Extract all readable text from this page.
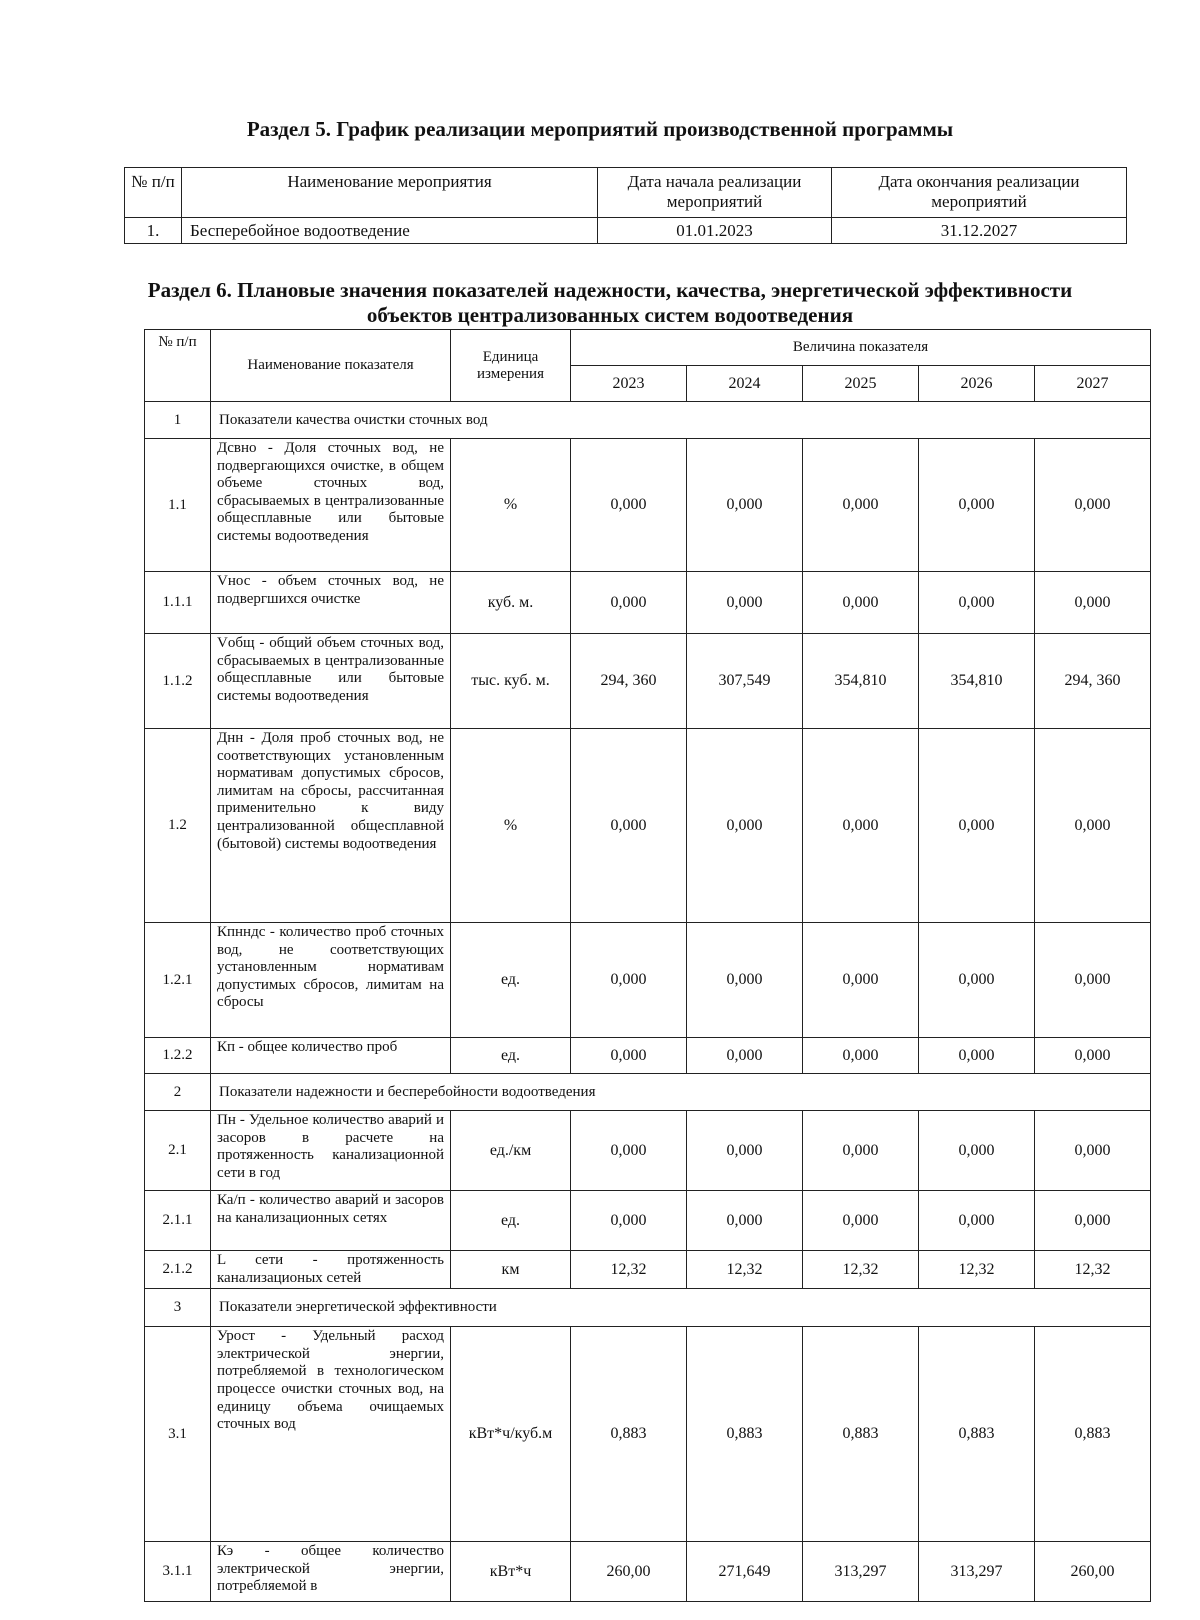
Раздел 5. График реализации мероприятий производственной программы
№ п/п	Наименование мероприятия	Дата начала реализации мероприятий	Дата окончания реализации мероприятий
1.	Бесперебойное водоотведение	01.01.2023	31.12.2027
Раздел 6. Плановые значения показателей надежности, качества, энергетической эффективности объектов централизованных систем водоотведения
№ п/п	Наименование показателя	Единица измерения	Величина показателя				
			2023	2024	2025	2026	2027
1	Показатели качества очистки сточных вод						
1.1	Дсвно - Доля сточных вод, не подвергающихся очистке, в общем объеме сточных вод, сбрасываемых в централизованные общесплавные или бытовые системы водоотведения	%	0,000	0,000	0,000	0,000	0,000
1.1.1	Vнос - объем сточных вод, не подвергшихся очистке	куб. м.	0,000	0,000	0,000	0,000	0,000
1.1.2	Vобщ - общий объем сточных вод, сбрасываемых в централизованные общесплавные или бытовые системы водоотведения	тыс. куб. м.	294, 360	307,549	354,810	354,810	294, 360
1.2	Днн - Доля проб сточных вод, не соответствующих установленным нормативам допустимых сбросов, лимитам на сбросы, рассчитанная применительно к виду централизованной общесплавной (бытовой) системы водоотведения	%	0,000	0,000	0,000	0,000	0,000
1.2.1	Кпнндс - количество проб сточных вод, не соответствующих установленным нормативам допустимых сбросов, лимитам на сбросы	ед.	0,000	0,000	0,000	0,000	0,000
1.2.2	Кп - общее количество проб	ед.	0,000	0,000	0,000	0,000	0,000
2	Показатели надежности и бесперебойности водоотведения						
2.1	Пн - Удельное количество аварий и засоров в расчете на протяженность канализационной сети в год	ед./км	0,000	0,000	0,000	0,000	0,000
2.1.1	Ка/п - количество аварий и засоров на канализационных сетях	ед.	0,000	0,000	0,000	0,000	0,000
2.1.2	L сети - протяженность канализационых сетей	км	12,32	12,32	12,32	12,32	12,32
3	Показатели энергетической эффективности						
3.1	Урост - Удельный расход электрической энергии, потребляемой в технологическом процессе очистки сточных вод, на единицу объема очищаемых сточных вод	кВт*ч/куб.м	0,883	0,883	0,883	0,883	0,883
3.1.1	Кэ - общее количество электрической энергии, потребляемой в	кВт*ч	260,00	271,649	313,297	313,297	260,00
